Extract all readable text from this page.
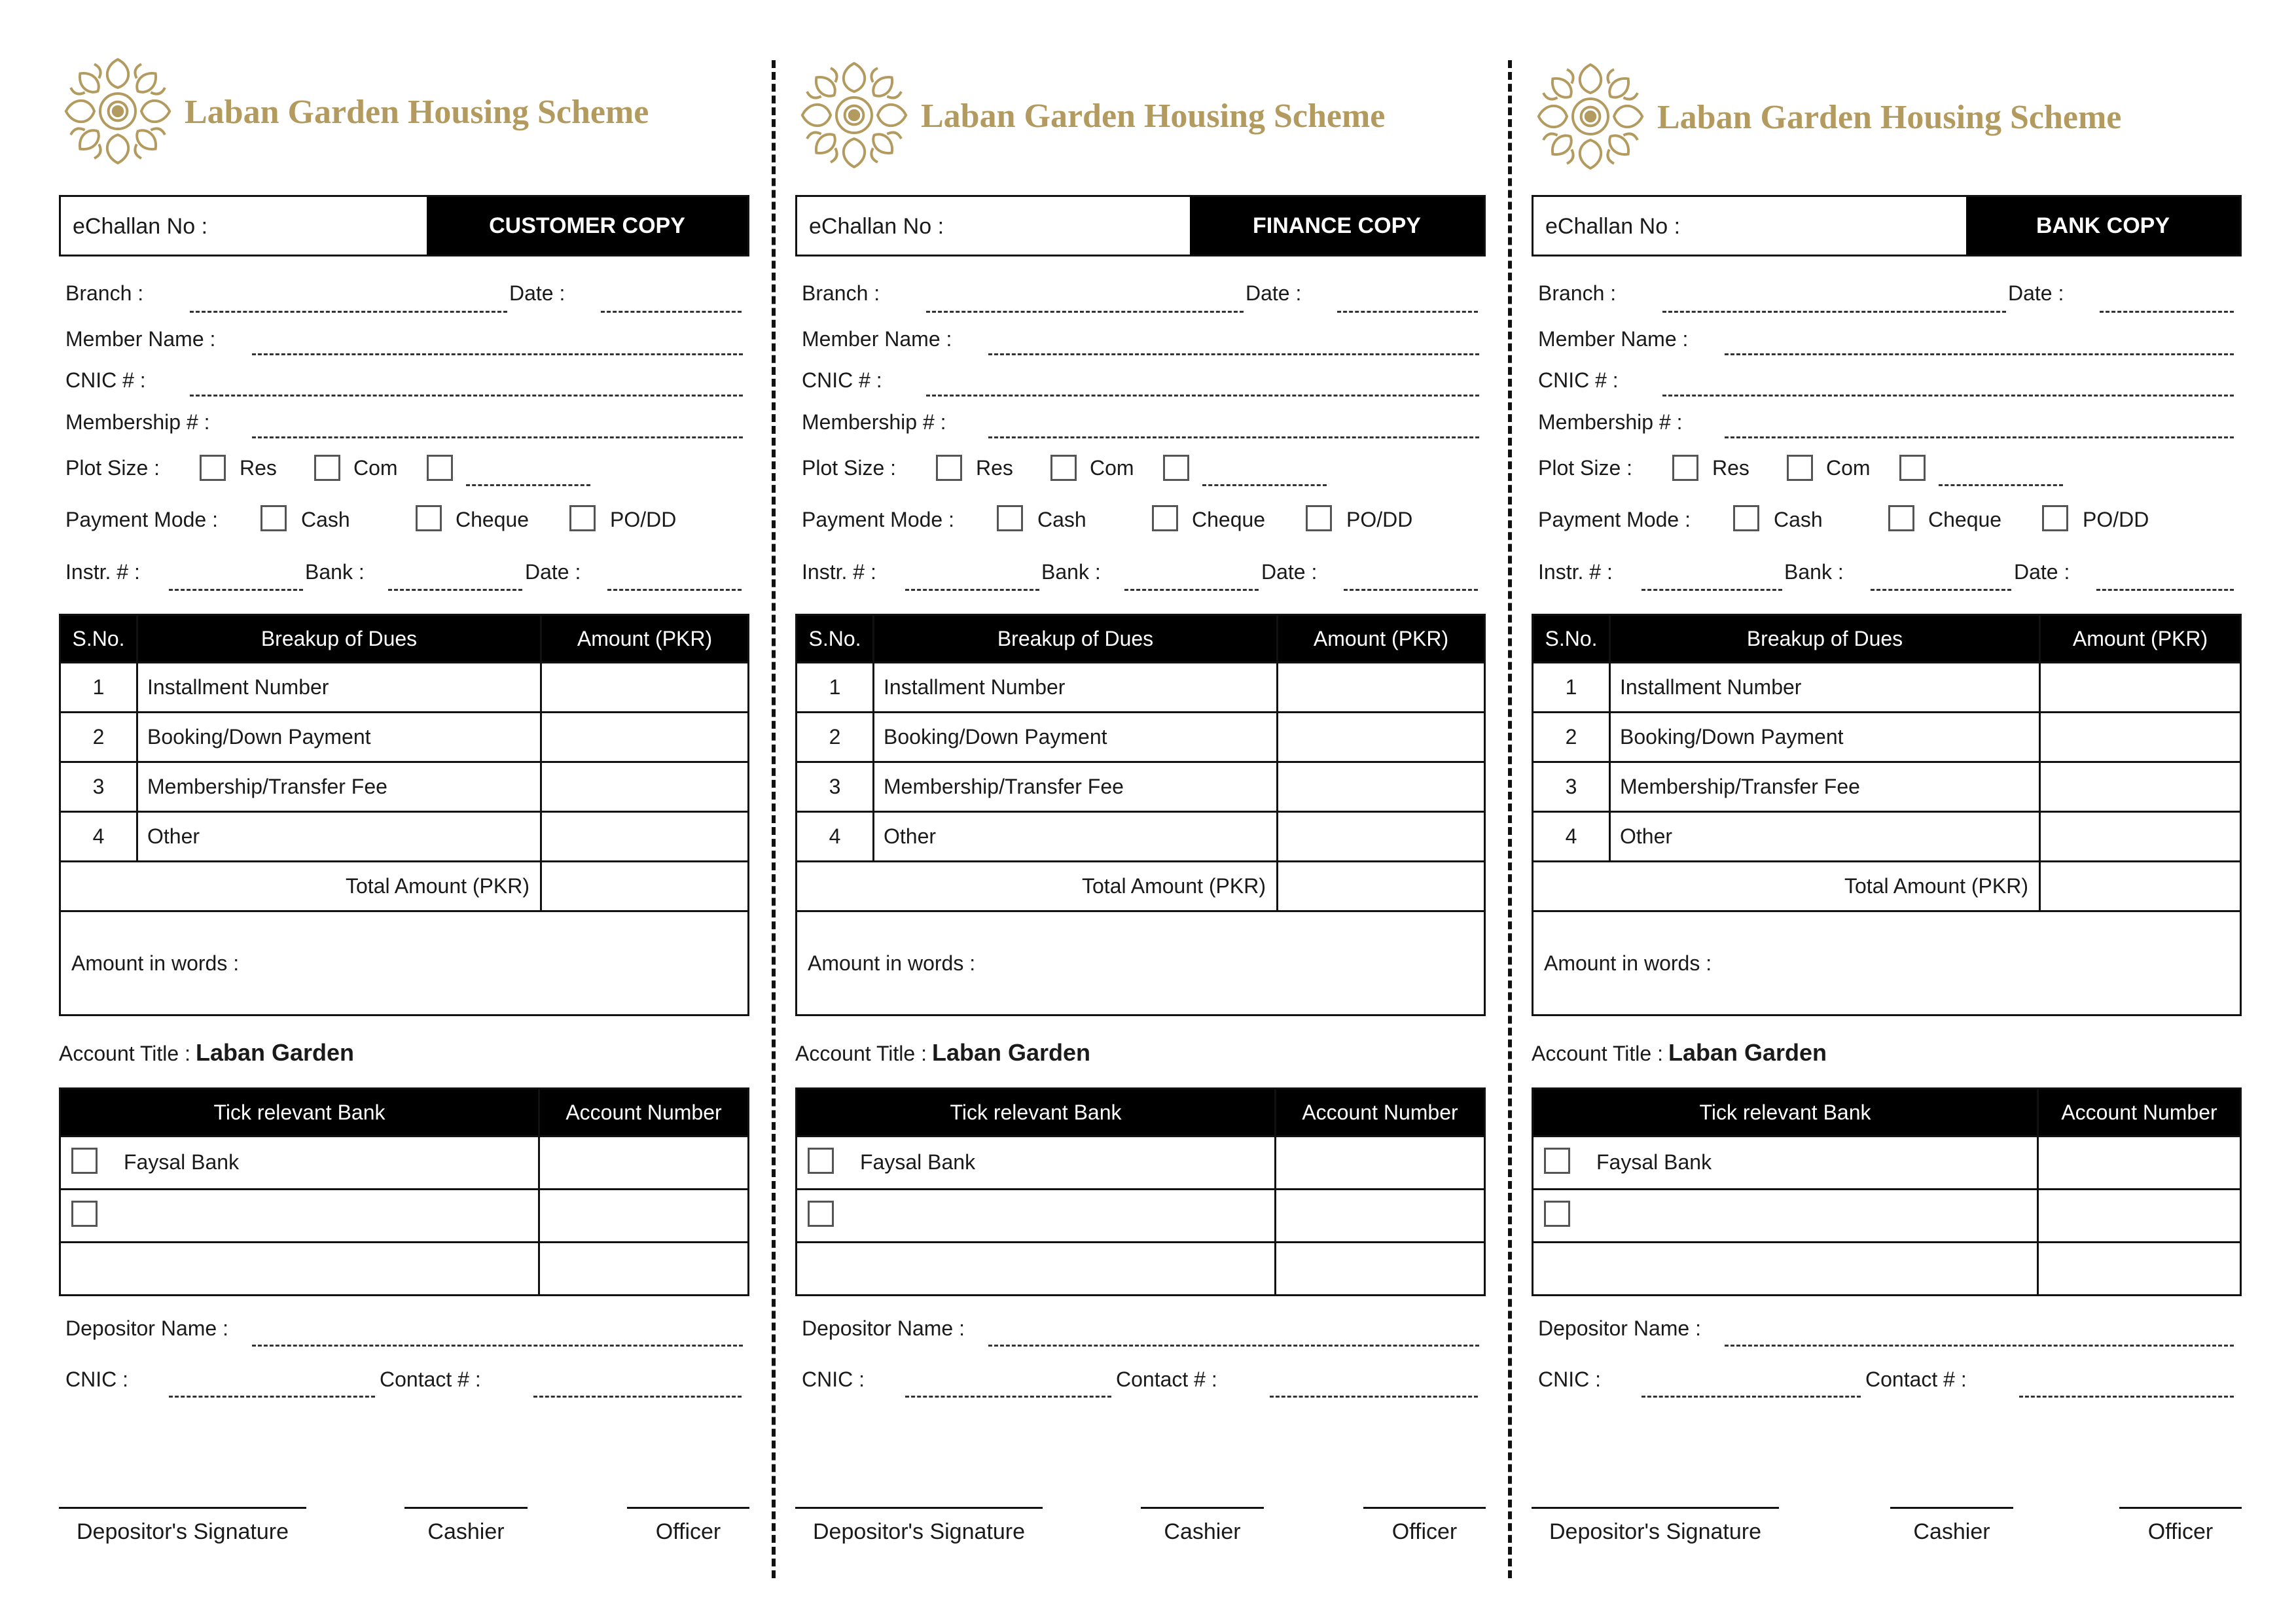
Laban Garden Housing Scheme
eChallan No :	CUSTOMER COPY
Branch :	Date :
Member Name :
CNIC # :
Membership # :
Plot Size :	Res	Com
Payment Mode :	Cash	Cheque	PO/DD
Instr. # :	Bank :	Date :
S.No.	Breakup of Dues	Amount (PKR)
1	Installment Number	
2	Booking/Down Payment	
3	Membership/Transfer Fee	
4	Other	
Total Amount (PKR)		
Amount in words :		
Account Title : Laban Garden
Tick relevant Bank	Account Number

Faysal Bank	

Depositor Name :
CNIC :	Contact # :
Depositor's Signature	Cashier	Officer
Laban Garden Housing Scheme
eChallan No :	FINANCE COPY
Branch :	Date :
Member Name :
CNIC # :
Membership # :
Plot Size :	Res	Com
Payment Mode :	Cash	Cheque	PO/DD
Instr. # :	Bank :	Date :
S.No.	Breakup of Dues	Amount (PKR)
1	Installment Number	
2	Booking/Down Payment	
3	Membership/Transfer Fee	
4	Other	
Total Amount (PKR)		
Amount in words :		
Account Title : Laban Garden
Tick relevant Bank	Account Number

Faysal Bank	

Depositor Name :
CNIC :	Contact # :
Depositor's Signature	Cashier	Officer
Laban Garden Housing Scheme
eChallan No :	BANK COPY
Branch :	Date :
Member Name :
CNIC # :
Membership # :
Plot Size :	Res	Com
Payment Mode :	Cash	Cheque	PO/DD
Instr. # :	Bank :	Date :
S.No.	Breakup of Dues	Amount (PKR)
1	Installment Number	
2	Booking/Down Payment	
3	Membership/Transfer Fee	
4	Other	
Total Amount (PKR)		
Amount in words :		
Account Title : Laban Garden
Tick relevant Bank	Account Number

Faysal Bank	

Depositor Name :
CNIC :	Contact # :
Depositor's Signature	Cashier	Officer
